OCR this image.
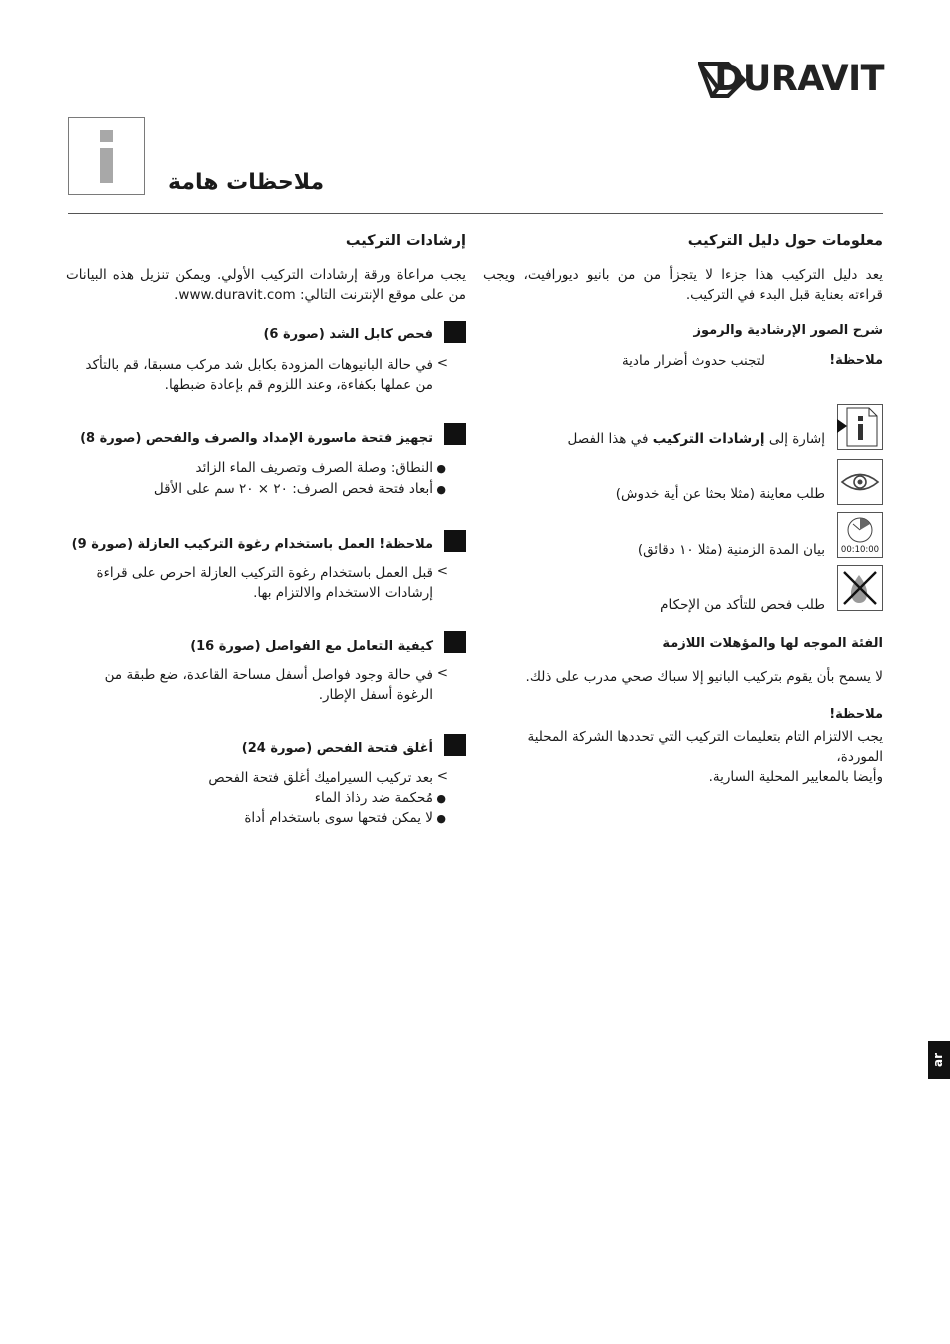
DURAVIT
ملاحظات هامة
معلومات حول دليل التركيب
يعد دليل التركيب هذا جزءا لا يتجزأ من من بانيو ديورافيت، ويجب
قراءته بعناية قبل البدء في التركيب.
شرح الصور الإرشادية والرموز
ملاحظة!
لتجنب حدوث أضرار مادية
إشارة إلى إرشادات التركيب في هذا الفصل
طلب معاينة (مثلا بحثا عن أية خدوش)
00:10:00
بيان المدة الزمنية (مثلا ١٠ دقائق)
طلب فحص للتأكد من الإحكام
الفئة الموجه لها والمؤهلات اللازمة
لا يسمح بأن يقوم بتركيب البانيو إلا سباك صحي مدرب على ذلك.
ملاحظة!
يجب الالتزام التام بتعليمات التركيب التي تحددها الشركة المحلية الموردة،
وأيضا بالمعايير المحلية السارية.
إرشادات التركيب
يجب مراعاة ورقة إرشادات التركيب الأولي. ويمكن تنزيل هذه البيانات
من على موقع الإنترنت التالي: www.duravit.com.
فحص كابل الشد (صورة 6)
<
في حالة البانيوهات المزودة بكابل شد مركب مسبقا، قم بالتأكد
من عملها بكفاءة، وعند اللزوم قم بإعادة ضبطها.
تجهيز فتحة ماسورة الإمداد والصرف والفحص (صورة 8)
●
النطاق: وصلة الصرف وتصريف الماء الزائد
●
أبعاد فتحة فحص الصرف: ٢٠ × ٢٠ سم على الأقل
ملاحظة! العمل باستخدام رغوة التركيب العازلة (صورة 9)
<
قبل العمل باستخدام رغوة التركيب العازلة احرص على قراءة
إرشادات الاستخدام والالتزام بها.
كيفية التعامل مع الفواصل (صورة 16)
<
في حالة وجود فواصل أسفل مساحة القاعدة، ضع طبقة من
الرغوة أسفل الإطار.
أغلق فتحة الفحص (صورة 24)
<
بعد تركيب السيراميك أغلق فتحة الفحص
●
مُحكمة ضد رذاذ الماء
●
لا يمكن فتحها سوى باستخدام أداة
ar
